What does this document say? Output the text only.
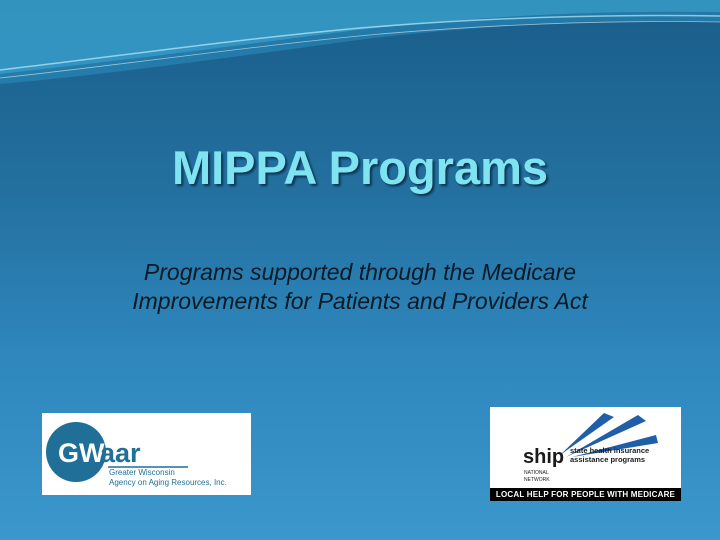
MIPPA Programs
Programs supported through the Medicare
Improvements for Patients and Providers Act
GW
aar
Greater Wisconsin
Agency on Aging Resources, Inc.
ship state health insurance
assistance programs
NATIONAL
NETWORK
LOCAL HELP FOR PEOPLE WITH MEDICARE
